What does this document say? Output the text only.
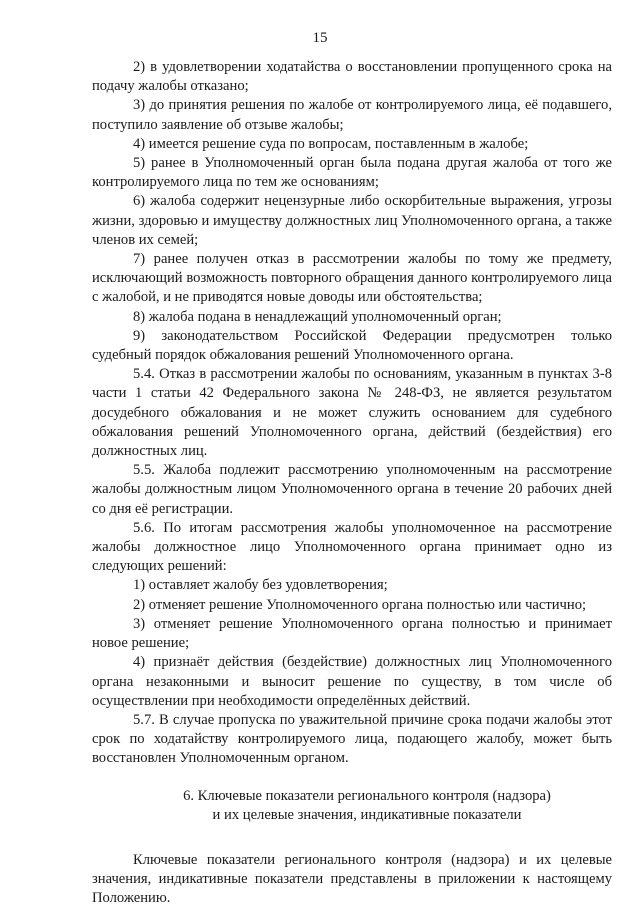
15

2) в удовлетворении ходатайства о восстановлении пропущенного срока на подачу жалобы отказано;

3) до принятия решения по жалобе от контролируемого лица, её подавшего, поступило заявление об отзыве жалобы;

4) имеется решение суда по вопросам, поставленным в жалобе;

5) ранее в Уполномоченный орган была подана другая жалоба от того же контролируемого лица по тем же основаниям;

6) жалоба содержит нецензурные либо оскорбительные выражения, угрозы жизни, здоровью и имуществу должностных лиц Уполномоченного органа, а также членов их семей;

7) ранее получен отказ в рассмотрении жалобы по тому же предмету, исключающий возможность повторного обращения данного контролируемого лица с жалобой, и не приводятся новые доводы или обстоятельства;

8) жалоба подана в ненадлежащий уполномоченный орган;

9) законодательством Российской Федерации предусмотрен только судебный порядок обжалования решений Уполномоченного органа.

5.4. Отказ в рассмотрении жалобы по основаниям, указанным в пунктах 3-8 части 1 статьи 42 Федерального закона № 248-ФЗ, не является результатом досудебного обжалования и не может служить основанием для судебного обжалования решений Уполномоченного органа, действий (бездействия) его должностных лиц.

5.5. Жалоба подлежит рассмотрению уполномоченным на рассмотрение жалобы должностным лицом Уполномоченного органа в течение 20 рабочих дней со дня её регистрации.

5.6. По итогам рассмотрения жалобы уполномоченное на рассмотрение жалобы должностное лицо Уполномоченного органа принимает одно из следующих решений:

1) оставляет жалобу без удовлетворения;

2) отменяет решение Уполномоченного органа полностью или частично;

3) отменяет решение Уполномоченного органа полностью и принимает новое решение;

4) признаёт действия (бездействие) должностных лиц Уполномоченного органа незаконными и выносит решение по существу, в том числе об осуществлении при необходимости определённых действий.

5.7. В случае пропуска по уважительной причине срока подачи жалобы этот срок по ходатайству контролируемого лица, подающего жалобу, может быть восстановлен Уполномоченным органом.

6. Ключевые показатели регионального контроля (надзора)
и их целевые значения, индикативные показатели

Ключевые показатели регионального контроля (надзора) и их целевые значения, индикативные показатели представлены в приложении к настоящему Положению.
